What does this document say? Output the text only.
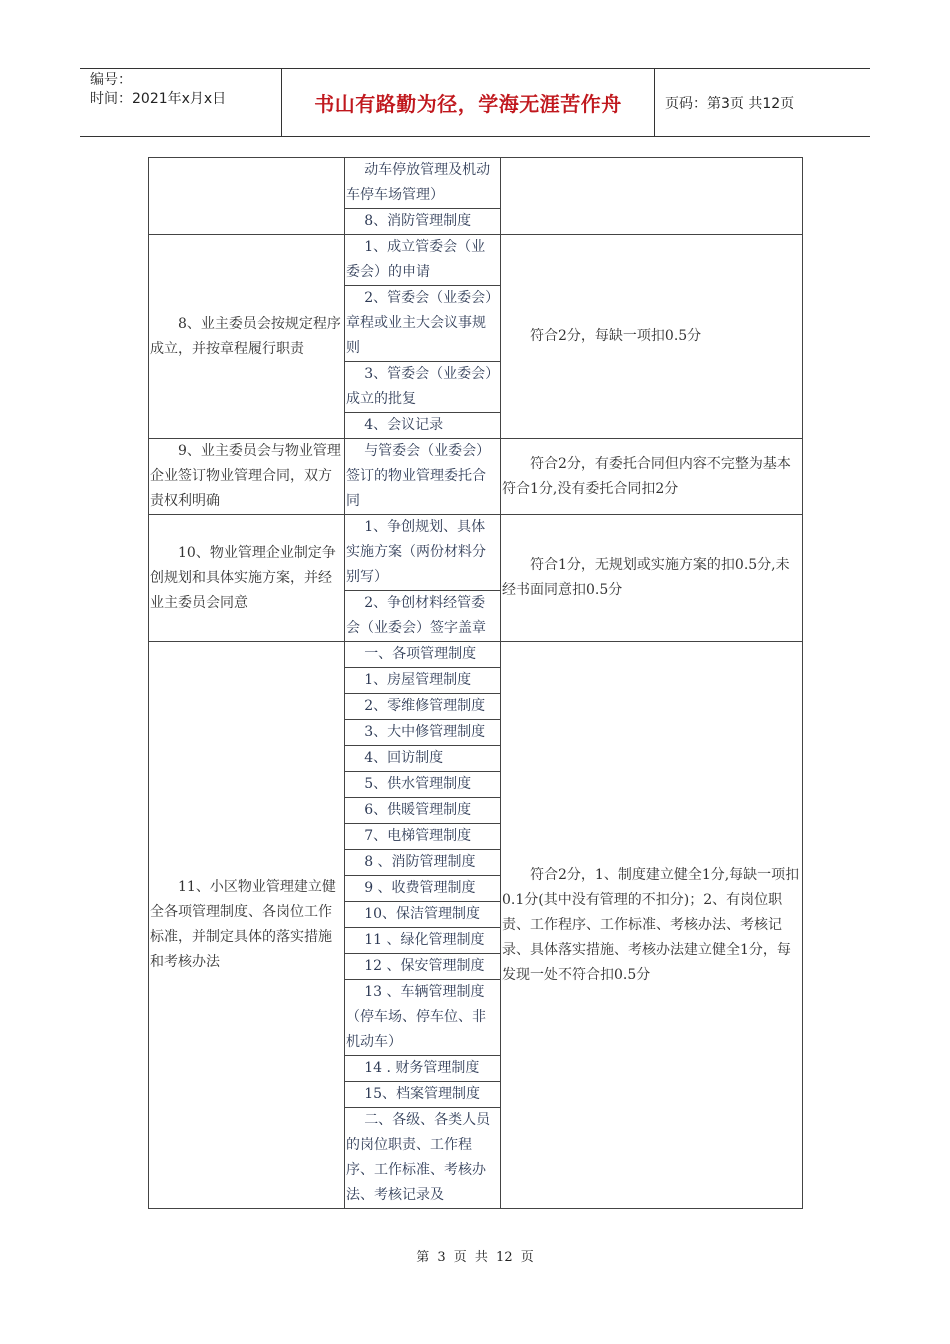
编号：
时间：2021年x月x日	书山有路勤为径，学海无涯苦作舟	页码：第3页 共12页

	动车停放管理及机动车停车场管理）	

	8、消防管理制度	

8、业主委员会按规定程序成立，并按章程履行职责	1、成立管委会（业委会）的申请	符合2分，每缺一项扣0.5分

	2、管委会（业委会）章程或业主大会议事规则	

	3、管委会（业委会）成立的批复	

	4、会议记录	

9、业主委员会与物业管理企业签订物业管理合同，双方责权利明确	与管委会（业委会）签订的物业管理委托合同	符合2分，有委托合同但内容不完整为基本符合1分,没有委托合同扣2分

10、物业管理企业制定争创规划和具体实施方案，并经业主委员会同意	1、争创规划、具体实施方案（两份材料分别写）	符合1分，无规划或实施方案的扣0.5分,未经书面同意扣0.5分

	2、争创材料经管委会（业委会）签字盖章	

11、小区物业管理建立健全各项管理制度、各岗位工作标准，并制定具体的落实措施和考核办法	一、各项管理制度	符合2分，1、制度建立健全1分,每缺一项扣0.1分(其中没有管理的不扣分)；2、有岗位职责、工作程序、工作标准、考核办法、考核记录、具体落实措施、考核办法建立健全1分，每发现一处不符合扣0.5分

	1、房屋管理制度	

	2、零维修管理制度	

	3、大中修管理制度	

	4、回访制度	

	5、供水管理制度	

	6、供暖管理制度	

	7、电梯管理制度	

	8 、消防管理制度	

	9 、收费管理制度	

	10、保洁管理制度	

	11 、绿化管理制度	

	12 、保安管理制度	

	13 、车辆管理制度（停车场、停车位、非机动车）	

	14 . 财务管理制度	

	15、档案管理制度	

	二、各级、各类人员的岗位职责、工作程序、工作标准、考核办法、考核记录及	
第 3 页 共 12 页
